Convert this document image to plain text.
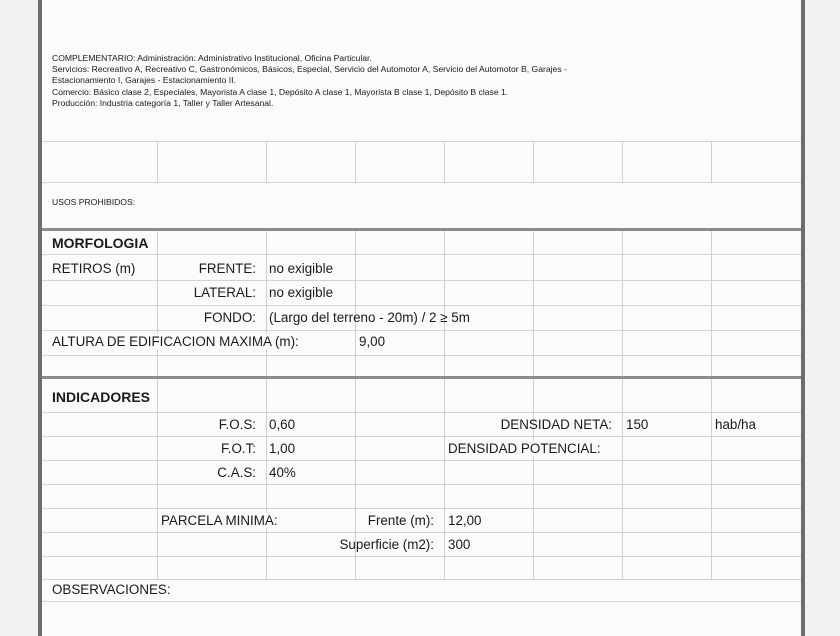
COMPLEMENTARIO: Administración: Administrativo Institucional, Oficina Particular.
Servicios: Recreativo A, Recreativo C, Gastronómicos, Básicos, Especial, Servicio del Automotor A, Servicio del Automotor B, Garajes -
Estacionamiento I, Garajes - Estacionamiento II.
Comercio: Básico clase 2, Especiales, Mayorista A clase 1, Depósito A clase 1, Mayorista B clase 1, Depósito B clase 1.
Producción: Industria categoría 1, Taller y Taller Artesanal.
USOS PROHIBIDOS:
MORFOLOGIA
RETIROS (m)	FRENTE: no exigible
LATERAL: no exigible
FONDO: (Largo del terreno - 20m) / 2 ≥ 5m
ALTURA DE EDIFICACION MAXIMA (m):	9,00
INDICADORES
F.O.S: 0,60	DENSIDAD NETA: 150	hab/ha
F.O.T: 1,00	DENSIDAD POTENCIAL:
C.A.S: 40%
PARCELA MINIMA:	Frente (m): 12,00
Superficie (m2): 300
OBSERVACIONES:
